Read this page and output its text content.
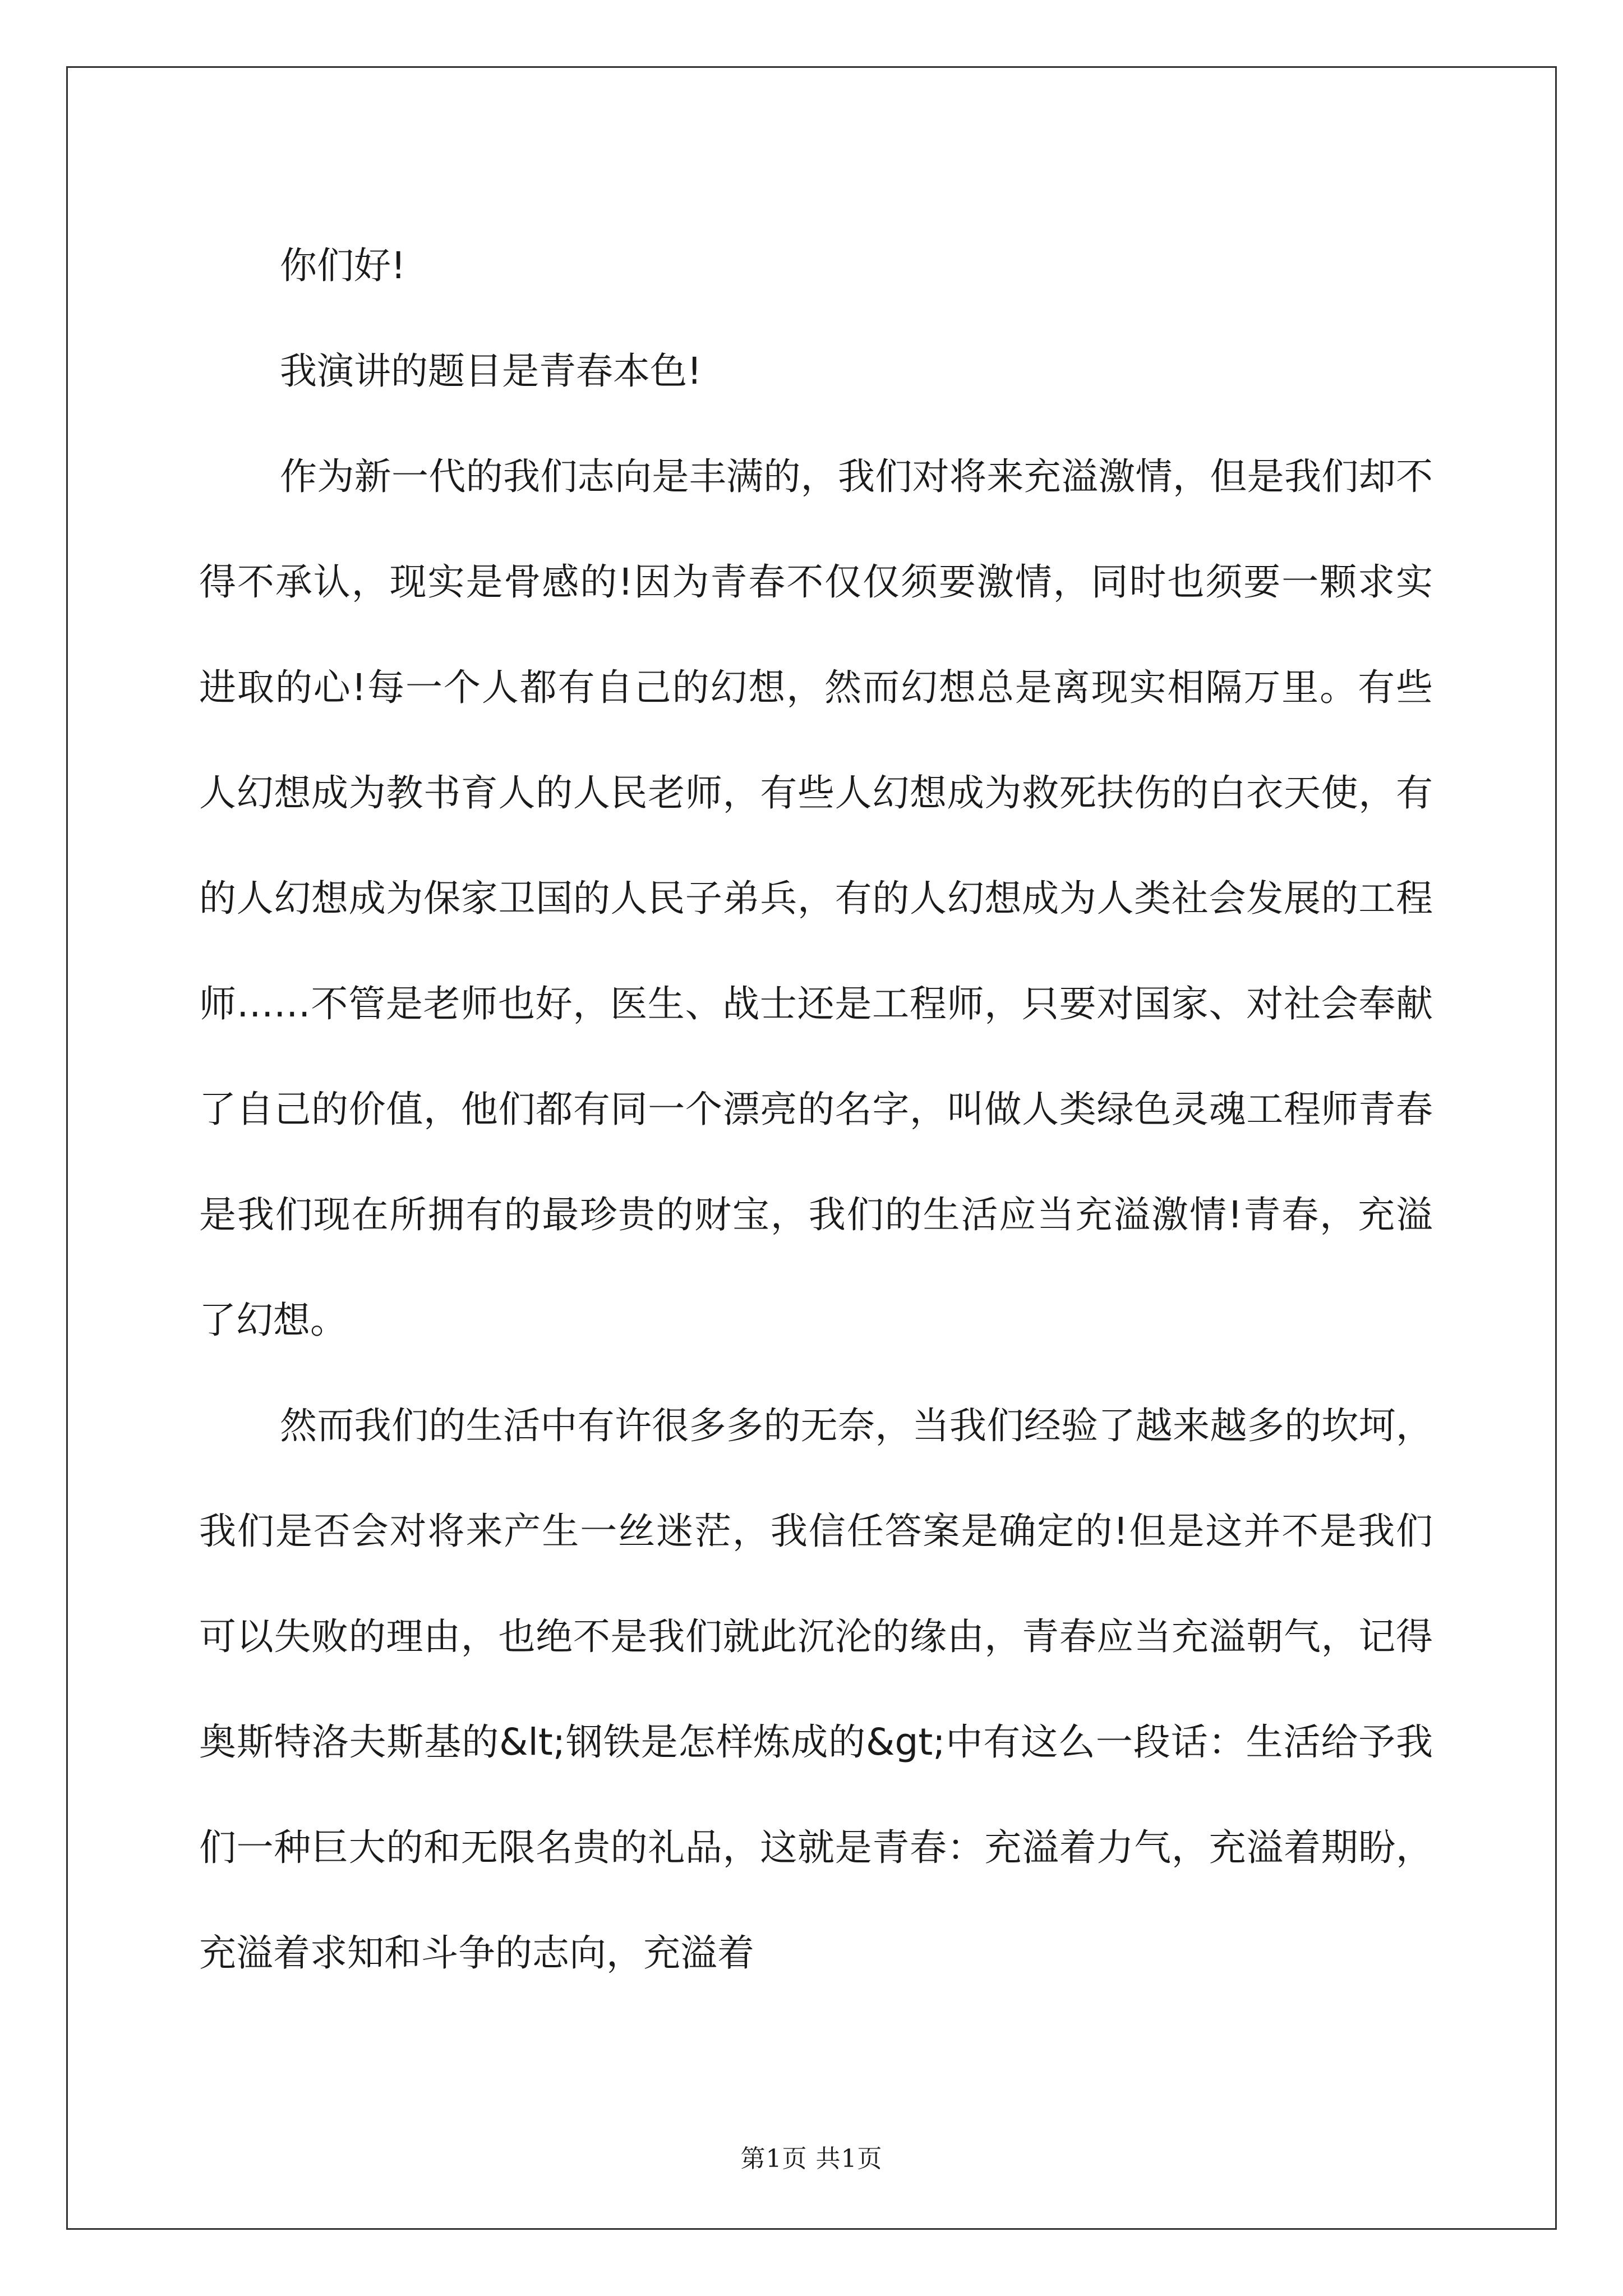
你们好!

我演讲的题目是青春本色!

作为新一代的我们志向是丰满的，我们对将来充溢激情，但是我们却不得不承认，现实是骨感的!因为青春不仅仅须要激情，同时也须要一颗求实进取的心!每一个人都有自己的幻想，然而幻想总是离现实相隔万里。有些人幻想成为教书育人的人民老师，有些人幻想成为救死扶伤的白衣天使，有的人幻想成为保家卫国的人民子弟兵，有的人幻想成为人类社会发展的工程师……不管是老师也好，医生、战士还是工程师，只要对国家、对社会奉献了自己的价值，他们都有同一个漂亮的名字，叫做人类绿色灵魂工程师青春是我们现在所拥有的最珍贵的财宝，我们的生活应当充溢激情!青春，充溢了幻想。

然而我们的生活中有许很多多的无奈，当我们经验了越来越多的坎坷，我们是否会对将来产生一丝迷茫，我信任答案是确定的!但是这并不是我们可以失败的理由，也绝不是我们就此沉沦的缘由，青春应当充溢朝气，记得奥斯特洛夫斯基的&lt;钢铁是怎样炼成的&gt;中有这么一段话：生活给予我们一种巨大的和无限名贵的礼品，这就是青春：充溢着力气，充溢着期盼，充溢着求知和斗争的志向，充溢着

第1页 共1页
